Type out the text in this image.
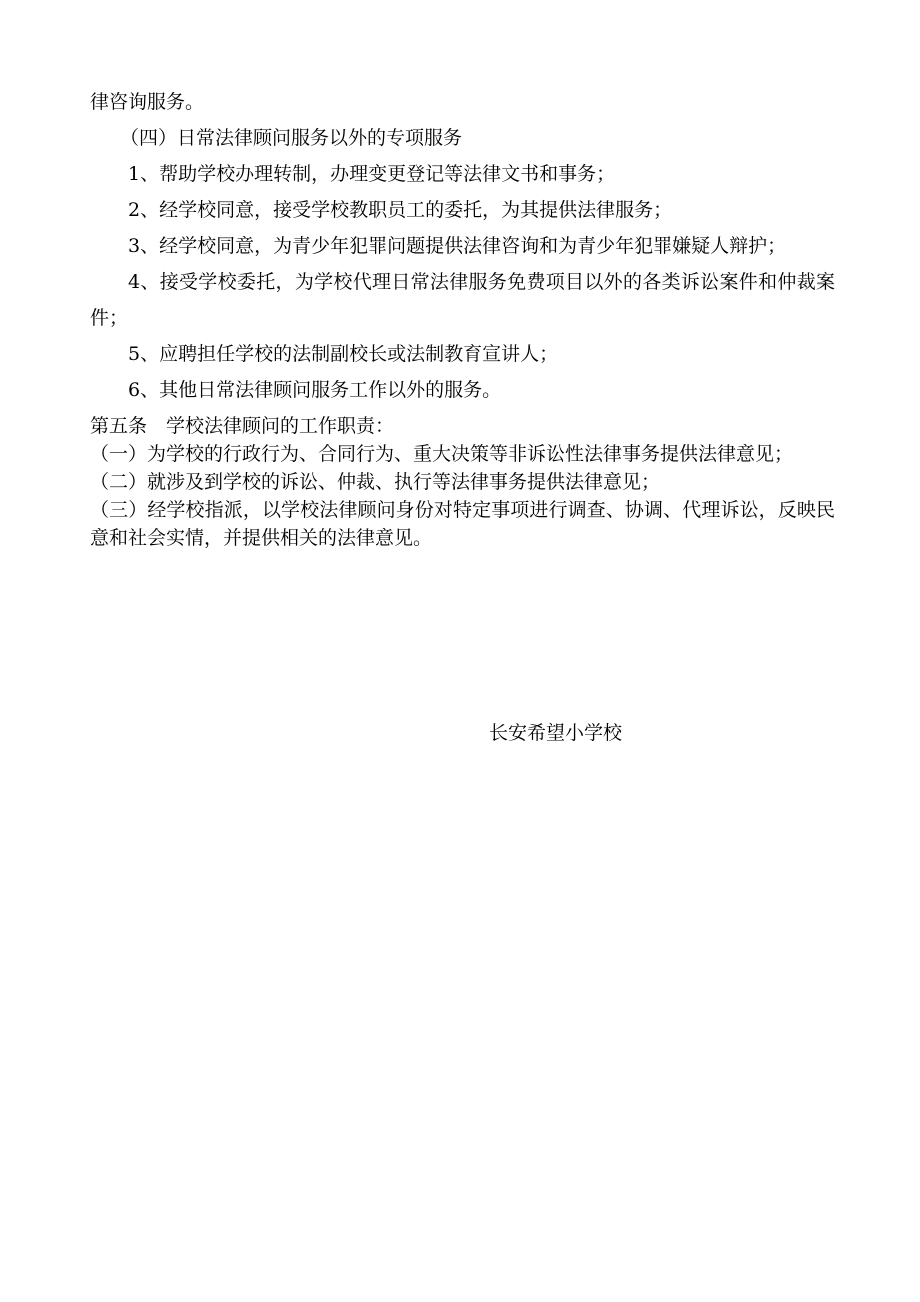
律咨询服务。

（四）日常法律顾问服务以外的专项服务

1、帮助学校办理转制，办理变更登记等法律文书和事务；

2、经学校同意，接受学校教职员工的委托，为其提供法律服务；

3、经学校同意，为青少年犯罪问题提供法律咨询和为青少年犯罪嫌疑人辩护；

4、接受学校委托，为学校代理日常法律服务免费项目以外的各类诉讼案件和仲裁案件；

5、应聘担任学校的法制副校长或法制教育宣讲人；

6、其他日常法律顾问服务工作以外的服务。

第五条　学校法律顾问的工作职责：

（一）为学校的行政行为、合同行为、重大决策等非诉讼性法律事务提供法律意见；

（二）就涉及到学校的诉讼、仲裁、执行等法律事务提供法律意见；

（三）经学校指派，以学校法律顾问身份对特定事项进行调查、协调、代理诉讼，反映民意和社会实情，并提供相关的法律意见。

长安希望小学校
